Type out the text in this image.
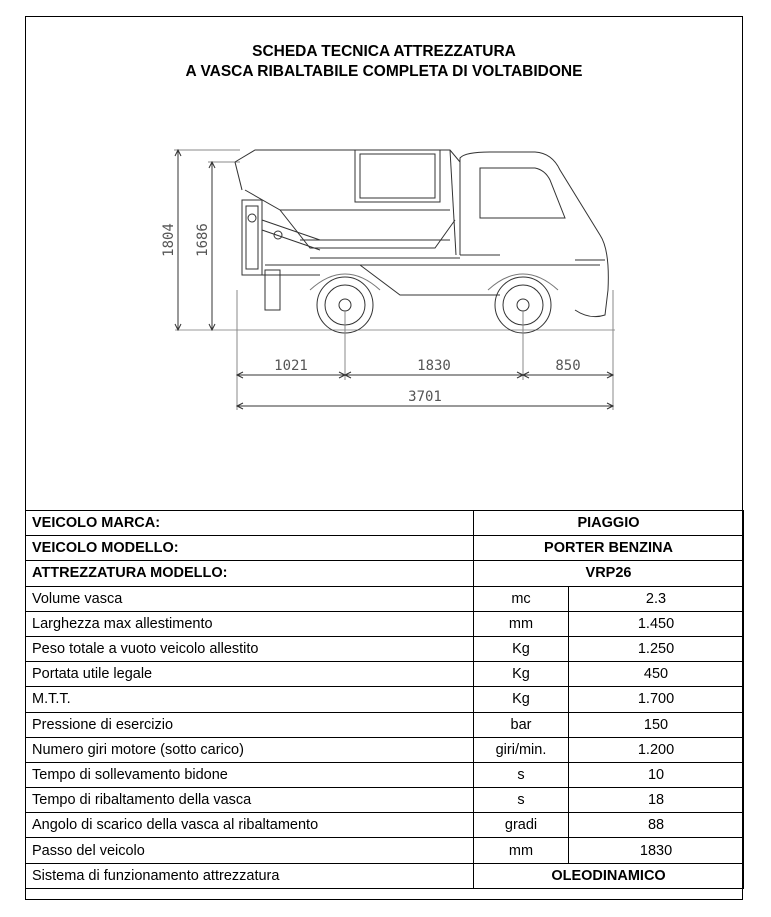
SCHEDA TECNICA ATTREZZATURA
A VASCA RIBALTABILE COMPLETA DI VOLTABIDONE
1804 1686
1021	1830	850
3701
VEICOLO MARCA:	PIAGGIO	
VEICOLO MODELLO:	PORTER BENZINA	
ATTREZZATURA MODELLO:	VRP26	
Volume vasca	mc	2.3
Larghezza max allestimento	mm	1.450
Peso totale a vuoto veicolo allestito	Kg	1.250
Portata utile legale	Kg	450
M.T.T.	Kg	1.700
Pressione di esercizio	bar	150
Numero giri motore (sotto carico)	giri/min.	1.200
Tempo di sollevamento bidone	s	10
Tempo di ribaltamento della vasca	s	18
Angolo di scarico della vasca al ribaltamento	gradi	88
Passo del veicolo	mm	1830
Sistema di funzionamento attrezzatura	OLEODINAMICO	
